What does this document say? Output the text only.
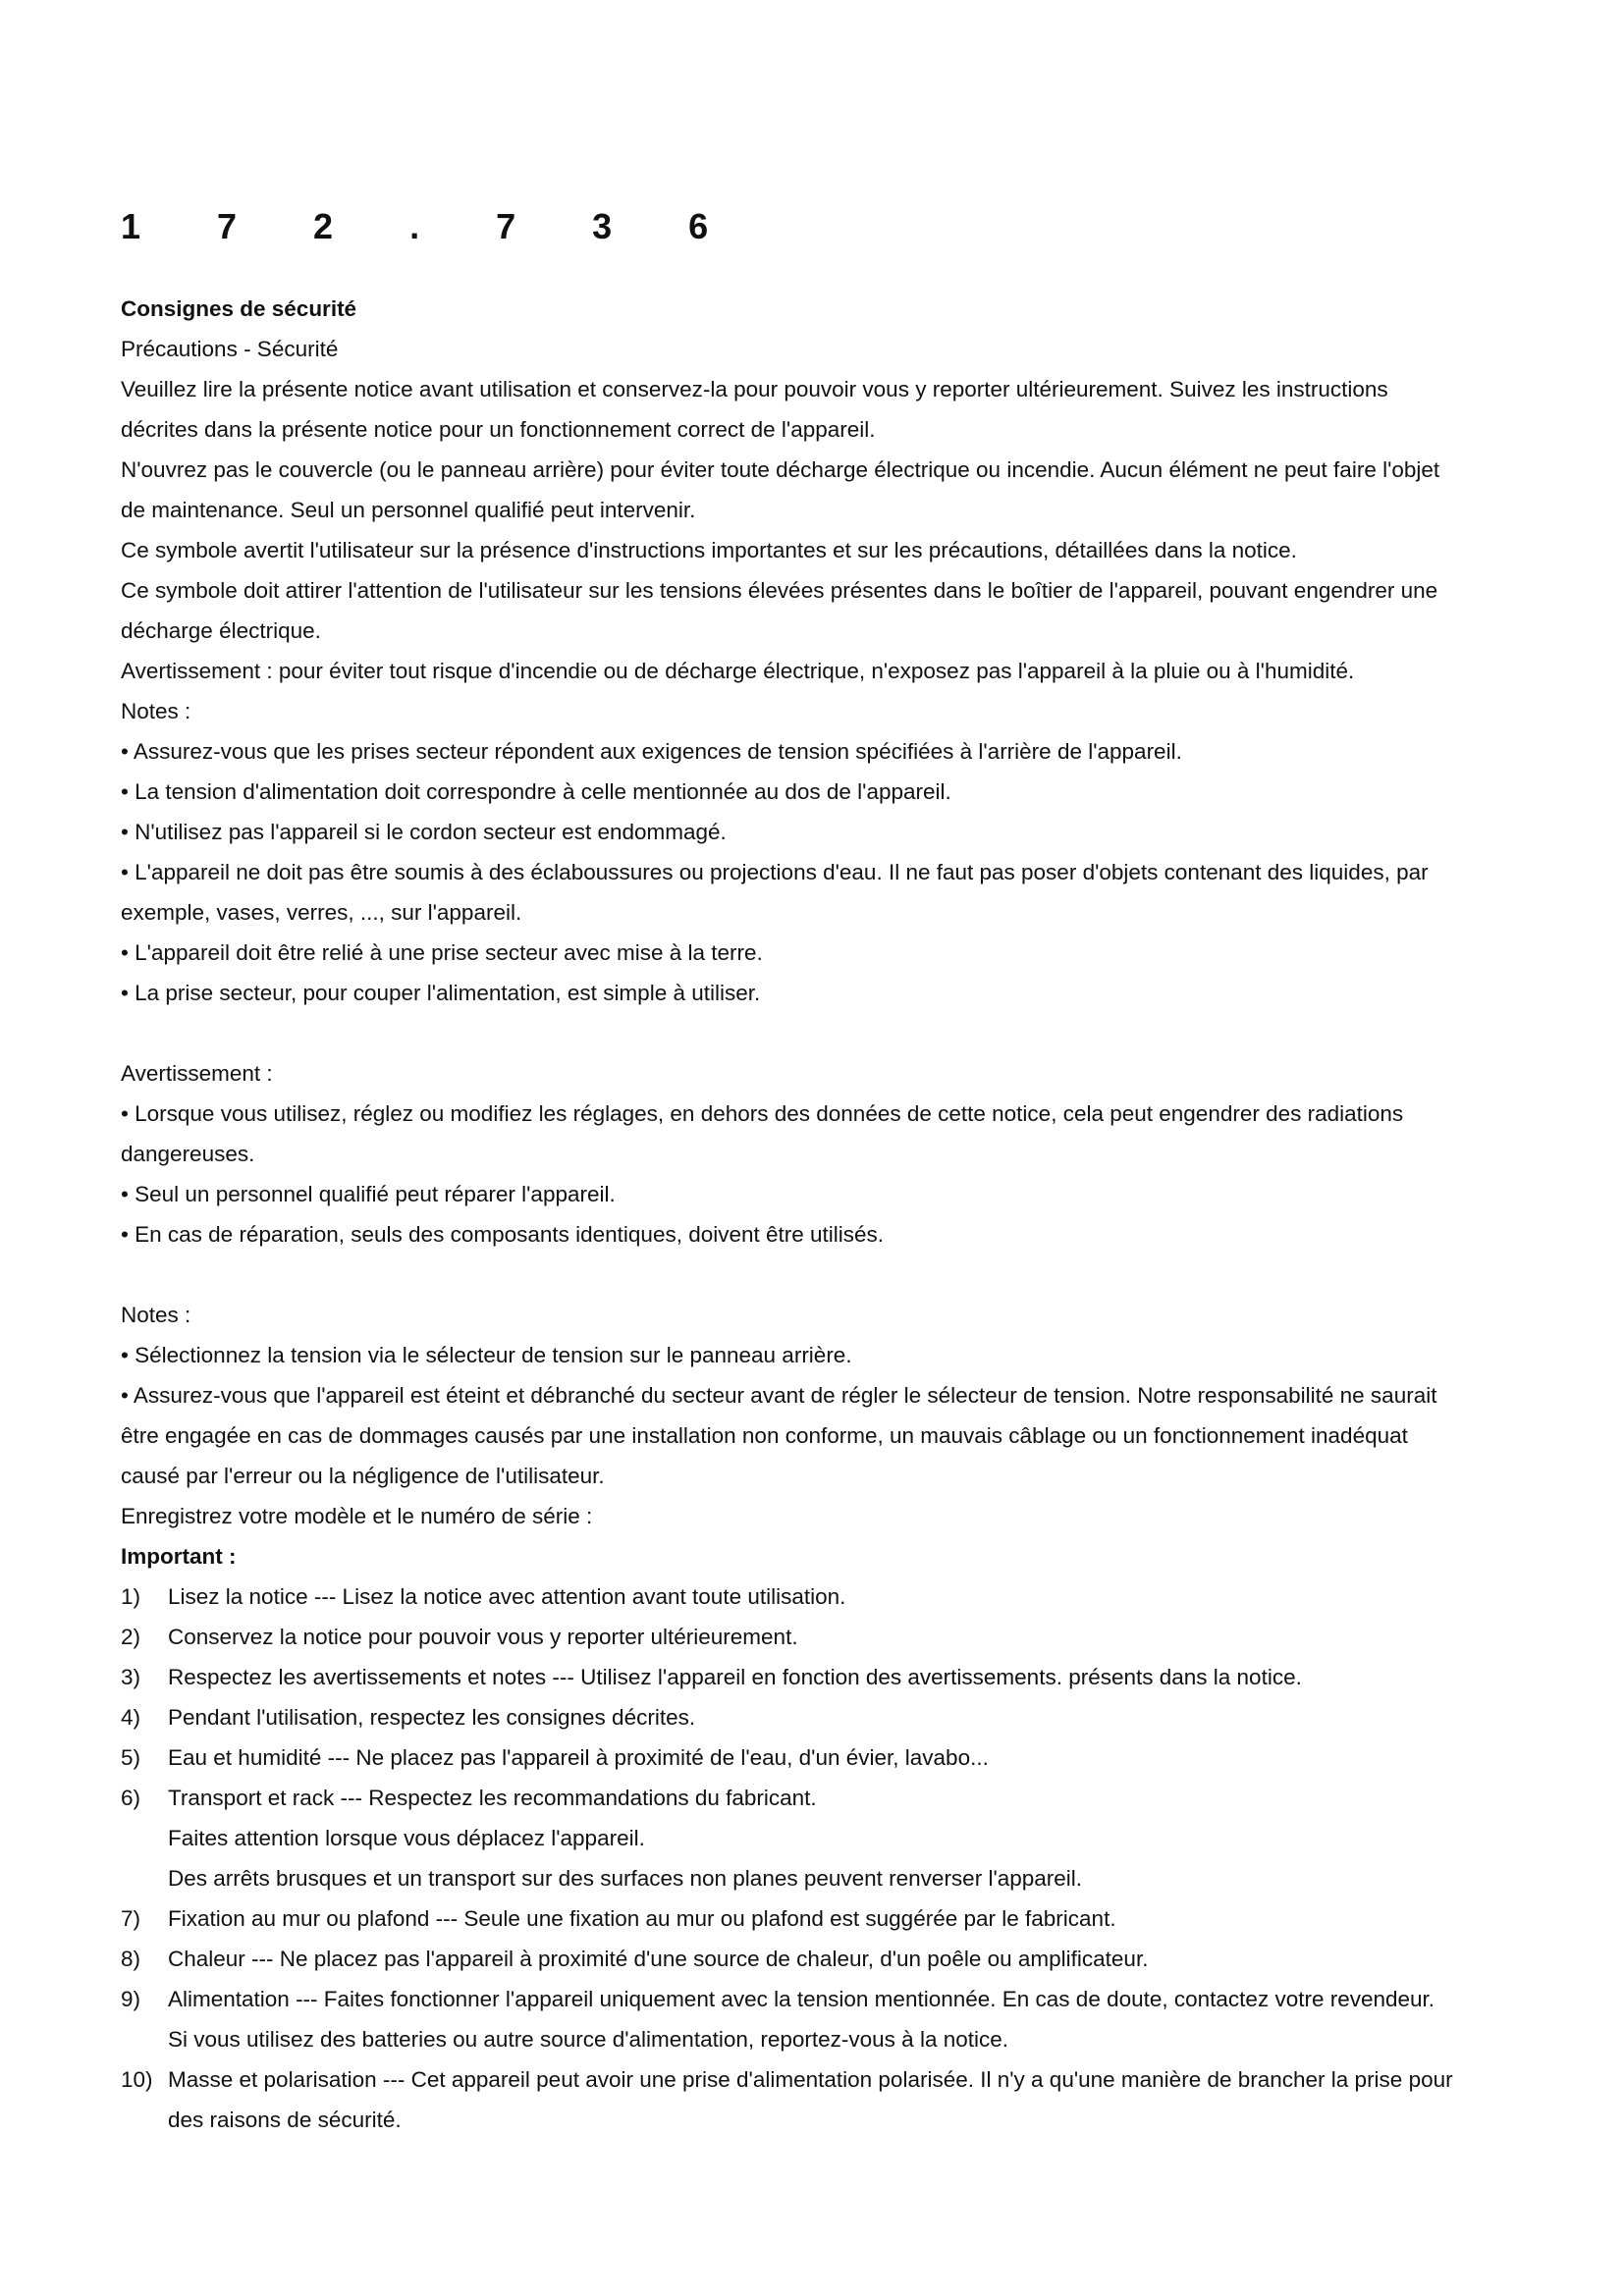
1 7 2 . 7 3 6

Consignes de sécurité

Précautions - Sécurité

Veuillez lire la présente notice avant utilisation et conservez-la pour pouvoir vous y reporter ultérieurement. Suivez les instructions

décrites dans la présente notice pour un fonctionnement correct de l'appareil.

N'ouvrez pas le couvercle (ou le panneau arrière) pour éviter toute décharge électrique ou incendie. Aucun élément ne peut faire l'objet

de maintenance. Seul un personnel qualifié peut intervenir.

Ce symbole avertit l'utilisateur sur la présence d'instructions importantes et sur les précautions, détaillées dans la notice.

Ce symbole doit attirer l'attention de l'utilisateur sur les tensions élevées présentes dans le boîtier de l'appareil, pouvant engendrer une

décharge électrique.

Avertissement : pour éviter tout risque d'incendie ou de décharge électrique, n'exposez pas l'appareil à la pluie ou à l'humidité.

Notes :

• Assurez-vous que les prises secteur répondent aux exigences de tension spécifiées à l'arrière de l'appareil.

• La tension d'alimentation doit correspondre à celle mentionnée au dos de l'appareil.

• N'utilisez pas l'appareil si le cordon secteur est endommagé.

• L'appareil ne doit pas être soumis à des éclaboussures ou projections d'eau. Il ne faut pas poser d'objets contenant des liquides, par

exemple, vases, verres, ..., sur l'appareil.

• L'appareil doit être relié à une prise secteur avec mise à la terre.

• La prise secteur, pour couper l'alimentation, est simple à utiliser.

Avertissement :

• Lorsque vous utilisez, réglez ou modifiez les réglages, en dehors des données de cette notice, cela peut engendrer des radiations

dangereuses.

• Seul un personnel qualifié peut réparer l'appareil.

• En cas de réparation, seuls des composants identiques, doivent être utilisés.

Notes :

• Sélectionnez la tension via le sélecteur de tension sur le panneau arrière.

• Assurez-vous que l'appareil est éteint et débranché du secteur avant de régler le sélecteur de tension. Notre responsabilité ne saurait

être engagée en cas de dommages causés par une installation non conforme, un mauvais câblage ou un fonctionnement inadéquat

causé par l'erreur ou la négligence de l'utilisateur.

Enregistrez votre modèle et le numéro de série :

Important :

1)	Lisez la notice --- Lisez la notice avec attention avant toute utilisation.
2)	Conservez la notice pour pouvoir vous y reporter ultérieurement.
3)	Respectez les avertissements et notes --- Utilisez l'appareil en fonction des avertissements. présents dans la notice.
4)	Pendant l'utilisation, respectez les consignes décrites.
5)	Eau et humidité --- Ne placez pas l'appareil à proximité de l'eau, d'un évier, lavabo...
6)	Transport et rack --- Respectez les recommandations du fabricant.
Faites attention lorsque vous déplacez l'appareil.
Des arrêts brusques et un transport sur des surfaces non planes peuvent renverser l'appareil.
7)	Fixation au mur ou plafond --- Seule une fixation au mur ou plafond est suggérée par le fabricant.
8)	Chaleur --- Ne placez pas l'appareil à proximité d'une source de chaleur, d'un poêle ou amplificateur.
9)	Alimentation --- Faites fonctionner l'appareil uniquement avec la tension mentionnée. En cas de doute, contactez votre revendeur.
Si vous utilisez des batteries ou autre source d'alimentation, reportez-vous à la notice.
10) Masse et polarisation --- Cet appareil peut avoir une prise d'alimentation polarisée. Il n'y a qu'une manière de brancher la prise pour
des raisons de sécurité.
